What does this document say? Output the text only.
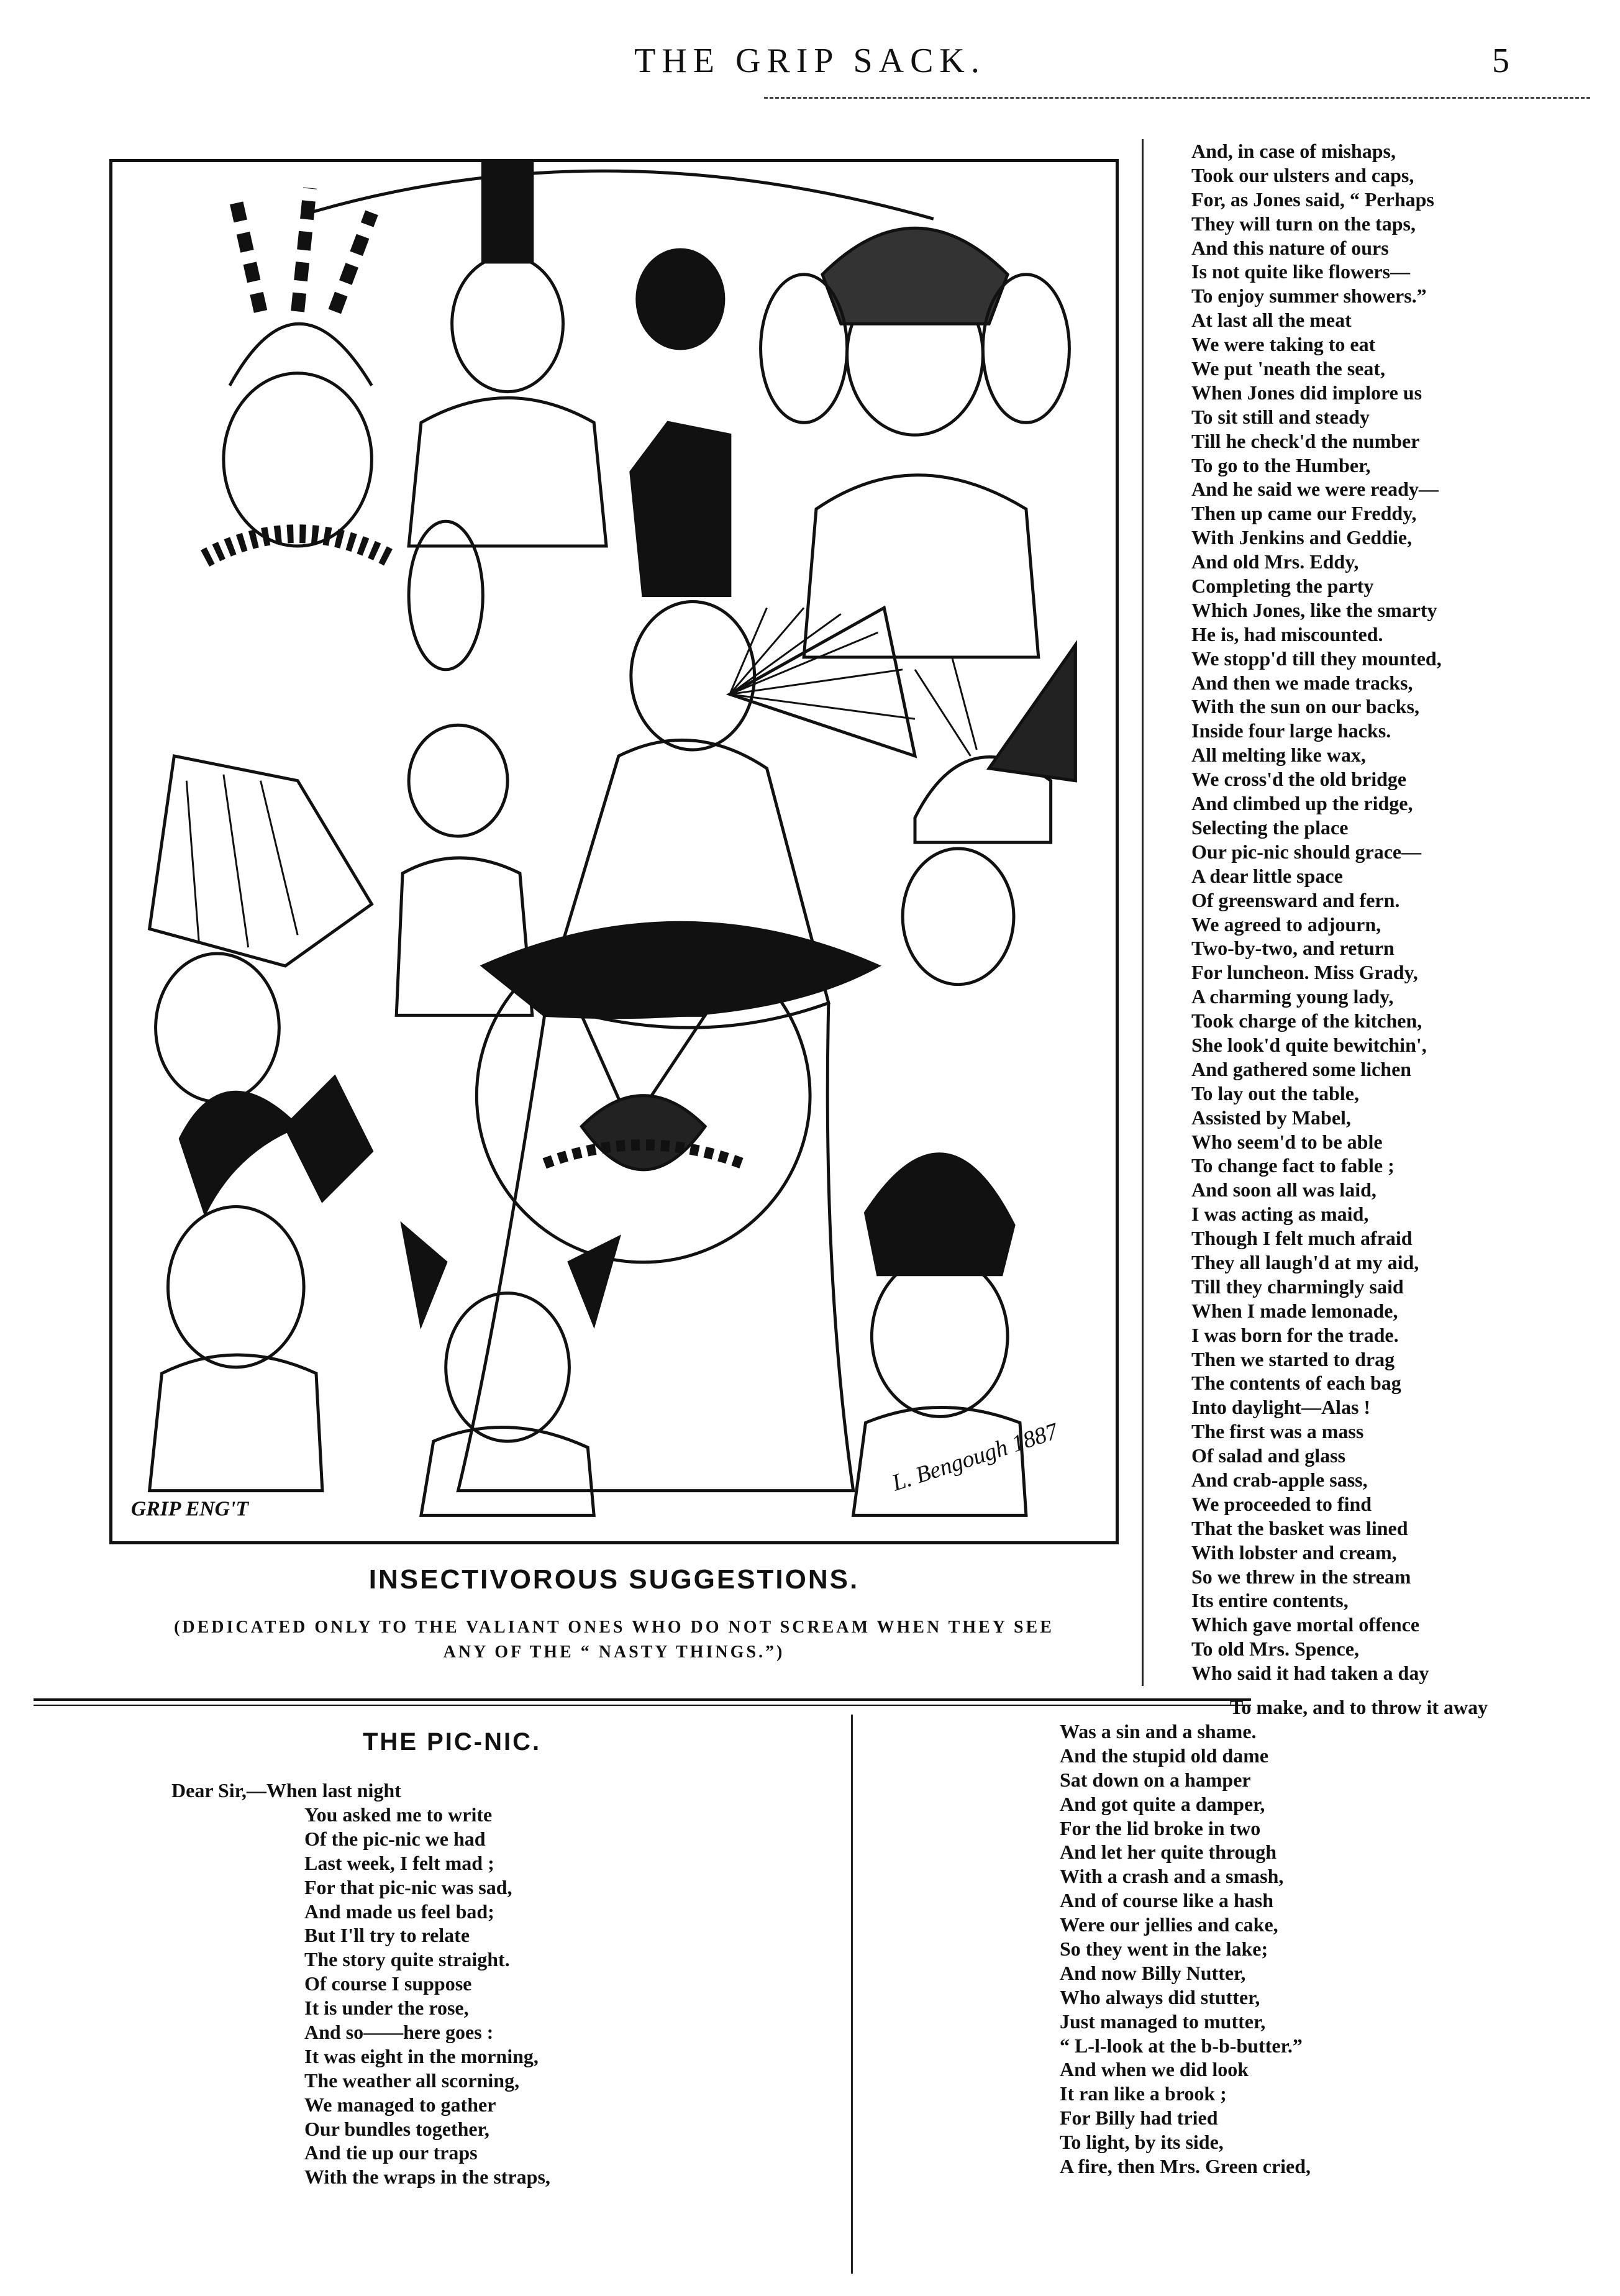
THE GRIP SACK.	5
GRIP ENG'T
L. Bengough 1887
INSECTIVOROUS SUGGESTIONS.
(DEDICATED ONLY TO THE VALIANT ONES WHO DO NOT SCREAM WHEN THEY SEE
ANY OF THE “ NASTY THINGS.”)
And, in case of mishaps,
Took our ulsters and caps,
For, as Jones said, “ Perhaps
They will turn on the taps,
And this nature of ours
Is not quite like flowers—
To enjoy summer showers.”
At last all the meat
We were taking to eat
We put 'neath the seat,
When Jones did implore us
To sit still and steady
Till he check'd the number
To go to the Humber,
And he said we were ready—
Then up came our Freddy,
With Jenkins and Geddie,
And old Mrs. Eddy,
Completing the party
Which Jones, like the smarty
He is, had miscounted.
We stopp'd till they mounted,
And then we made tracks,
With the sun on our backs,
Inside four large hacks.
All melting like wax,
We cross'd the old bridge
And climbed up the ridge,
Selecting the place
Our pic-nic should grace—
A dear little space
Of greensward and fern.
We agreed to adjourn,
Two-by-two, and return
For luncheon. Miss Grady,
A charming young lady,
Took charge of the kitchen,
She look'd quite bewitchin',
And gathered some lichen
To lay out the table,
Assisted by Mabel,
Who seem'd to be able
To change fact to fable ;
And soon all was laid,
I was acting as maid,
Though I felt much afraid
They all laugh'd at my aid,
Till they charmingly said
When I made lemonade,
I was born for the trade.
Then we started to drag
The contents of each bag
Into daylight—Alas !
The first was a mass
Of salad and glass
And crab-apple sass,
We proceeded to find
That the basket was lined
With lobster and cream,
So we threw in the stream
Its entire contents,
Which gave mortal offence
To old Mrs. Spence,
Who said it had taken a day
To make, and to throw it away
THE PIC-NIC.
Dear Sir,—When last night
You asked me to write
Of the pic-nic we had
Last week, I felt mad ;
For that pic-nic was sad,
And made us feel bad;
But I'll try to relate
The story quite straight.
Of course I suppose
It is under the rose,
And so——here goes :
It was eight in the morning,
The weather all scorning,
We managed to gather
Our bundles together,
And tie up our traps
With the wraps in the straps,
Was a sin and a shame.
And the stupid old dame
Sat down on a hamper
And got quite a damper,
For the lid broke in two
And let her quite through
With a crash and a smash,
And of course like a hash
Were our jellies and cake,
So they went in the lake;
And now Billy Nutter,
Who always did stutter,
Just managed to mutter,
“ L-l-look at the b-b-butter.”
And when we did look
It ran like a brook ;
For Billy had tried
To light, by its side,
A fire, then Mrs. Green cried,
